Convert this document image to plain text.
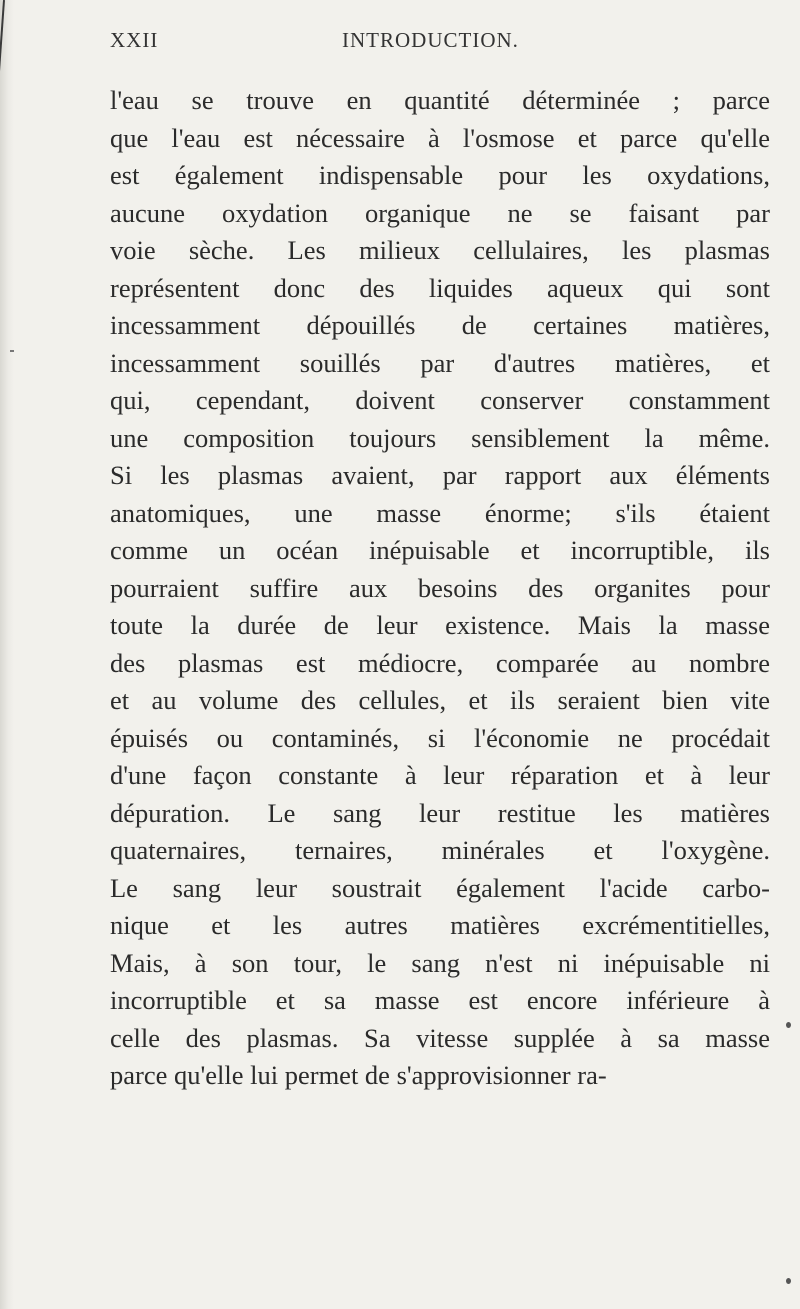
XXII	INTRODUCTION.
l'eau se trouve en quantité déterminée ; parce
que l'eau est nécessaire à l'osmose et parce qu'elle
est également indispensable pour les oxydations,
aucune oxydation organique ne se faisant par
voie sèche. Les milieux cellulaires, les plasmas
représentent donc des liquides aqueux qui sont
incessamment dépouillés de certaines matières,
incessamment souillés par d'autres matières, et
qui, cependant, doivent conserver constamment
une composition toujours sensiblement la même.
Si les plasmas avaient, par rapport aux éléments
anatomiques, une masse énorme; s'ils étaient
comme un océan inépuisable et incorruptible, ils
pourraient suffire aux besoins des organites pour
toute la durée de leur existence. Mais la masse
des plasmas est médiocre, comparée au nombre
et au volume des cellules, et ils seraient bien vite
épuisés ou contaminés, si l'économie ne procédait
d'une façon constante à leur réparation et à leur
dépuration. Le sang leur restitue les matières
quaternaires, ternaires, minérales et l'oxygène.
Le sang leur soustrait également l'acide carbo-
nique et les autres matières excrémentitielles,
Mais, à son tour, le sang n'est ni inépuisable ni
incorruptible et sa masse est encore inférieure à
celle des plasmas. Sa vitesse supplée à sa masse
parce qu'elle lui permet de s'approvisionner ra-
